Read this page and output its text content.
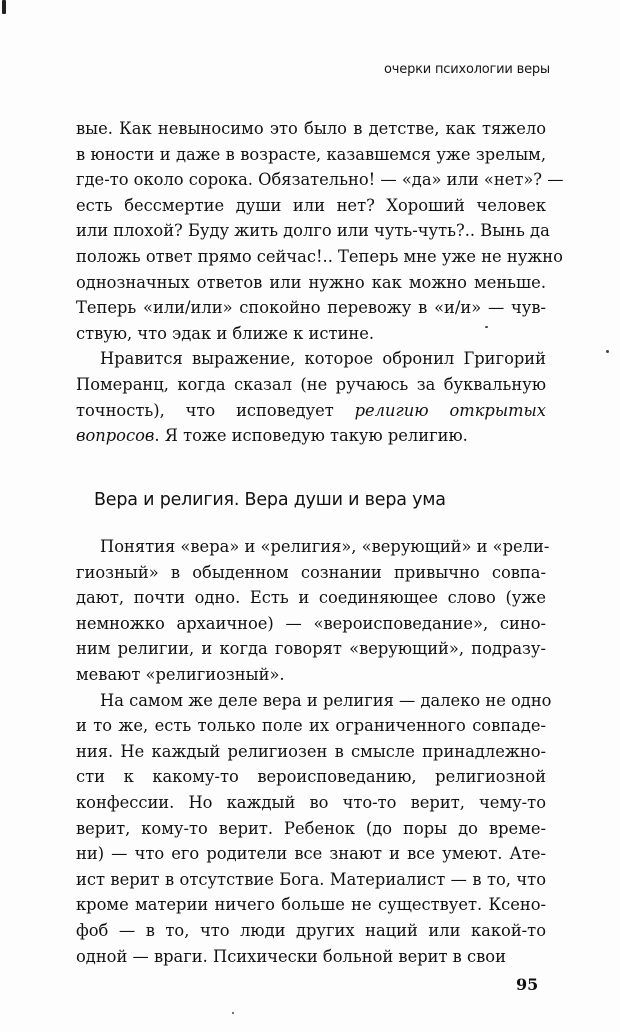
очерки психологии веры
вые. Как невыносимо это было в детстве, как тяжело
в юности и даже в возрасте, казавшемся уже зрелым,
где-то около сорока. Обязательно! — «да» или «нет»? —
есть бессмертие души или нет? Хороший человек
или плохой? Буду жить долго или чуть-чуть?.. Вынь да
положь ответ прямо сейчас!.. Теперь мне уже не нужно
однозначных ответов или нужно как можно меньше.
Теперь «или/или» спокойно перевожу в «и/и» — чув-
ствую, что эдак и ближе к истине.
Нравится выражение, которое обронил Григорий
Померанц, когда сказал (не ручаюсь за буквальную
точность), что исповедует религию открытых
вопросов. Я тоже исповедую такую религию.
Вера и религия. Вера души и вера ума
Понятия «вера» и «религия», «верующий» и «рели-
гиозный» в обыденном сознании привычно совпа-
дают, почти одно. Есть и соединяющее слово (уже
немножко архаичное) — «вероисповедание», сино-
ним религии, и когда говорят «верующий», подразу-
мевают «религиозный».
На самом же деле вера и религия — далеко не одно
и то же, есть только поле их ограниченного совпаде-
ния. Не каждый религиозен в смысле принадлежно-
сти к какому-то вероисповеданию, религиозной
конфессии. Но каждый во что-то верит, чему-то
верит, кому-то верит. Ребенок (до поры до време-
ни) — что его родители все знают и все умеют. Ате-
ист верит в отсутствие Бога. Материалист — в то, что
кроме материи ничего больше не существует. Ксено-
фоб — в то, что люди других наций или какой-то
одной — враги. Психически больной верит в свои
95
